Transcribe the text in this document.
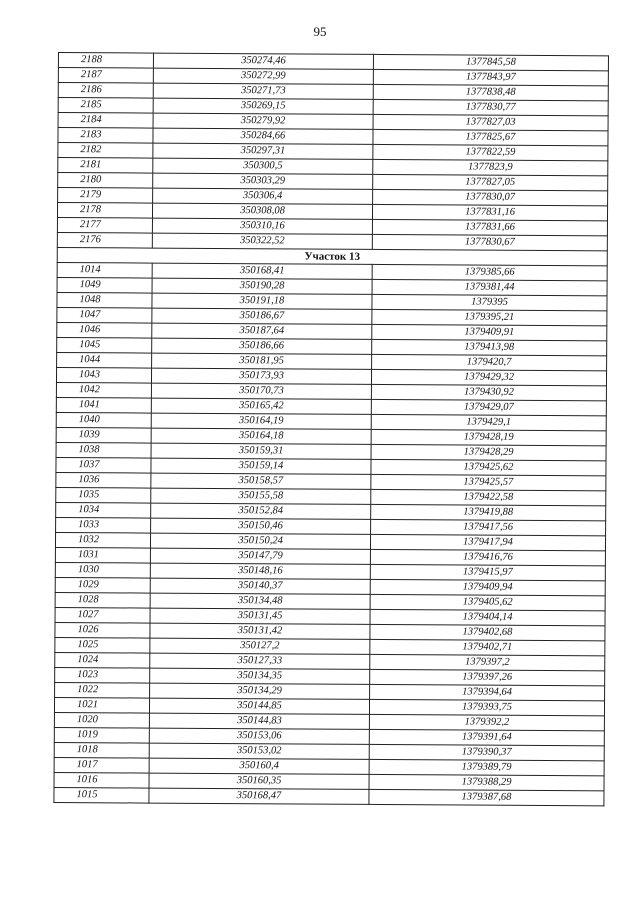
95
2188	350274,46	1377845,58
2187	350272,99	1377843,97
2186	350271,73	1377838,48
2185	350269,15	1377830,77
2184	350279,92	1377827,03
2183	350284,66	1377825,67
2182	350297,31	1377822,59
2181	350300,5	1377823,9
2180	350303,29	1377827,05
2179	350306,4	1377830,07
2178	350308,08	1377831,16
2177	350310,16	1377831,66
2176	350322,52	1377830,67
Участок 13		
1014	350168,41	1379385,66
1049	350190,28	1379381,44
1048	350191,18	1379395
1047	350186,67	1379395,21
1046	350187,64	1379409,91
1045	350186,66	1379413,98
1044	350181,95	1379420,7
1043	350173,93	1379429,32
1042	350170,73	1379430,92
1041	350165,42	1379429,07
1040	350164,19	1379429,1
1039	350164,18	1379428,19
1038	350159,31	1379428,29
1037	350159,14	1379425,62
1036	350158,57	1379425,57
1035	350155,58	1379422,58
1034	350152,84	1379419,88
1033	350150,46	1379417,56
1032	350150,24	1379417,94
1031	350147,79	1379416,76
1030	350148,16	1379415,97
1029	350140,37	1379409,94
1028	350134,48	1379405,62
1027	350131,45	1379404,14
1026	350131,42	1379402,68
1025	350127,2	1379402,71
1024	350127,33	1379397,2
1023	350134,35	1379397,26
1022	350134,29	1379394,64
1021	350144,85	1379393,75
1020	350144,83	1379392,2
1019	350153,06	1379391,64
1018	350153,02	1379390,37
1017	350160,4	1379389,79
1016	350160,35	1379388,29
1015	350168,47	1379387,68
